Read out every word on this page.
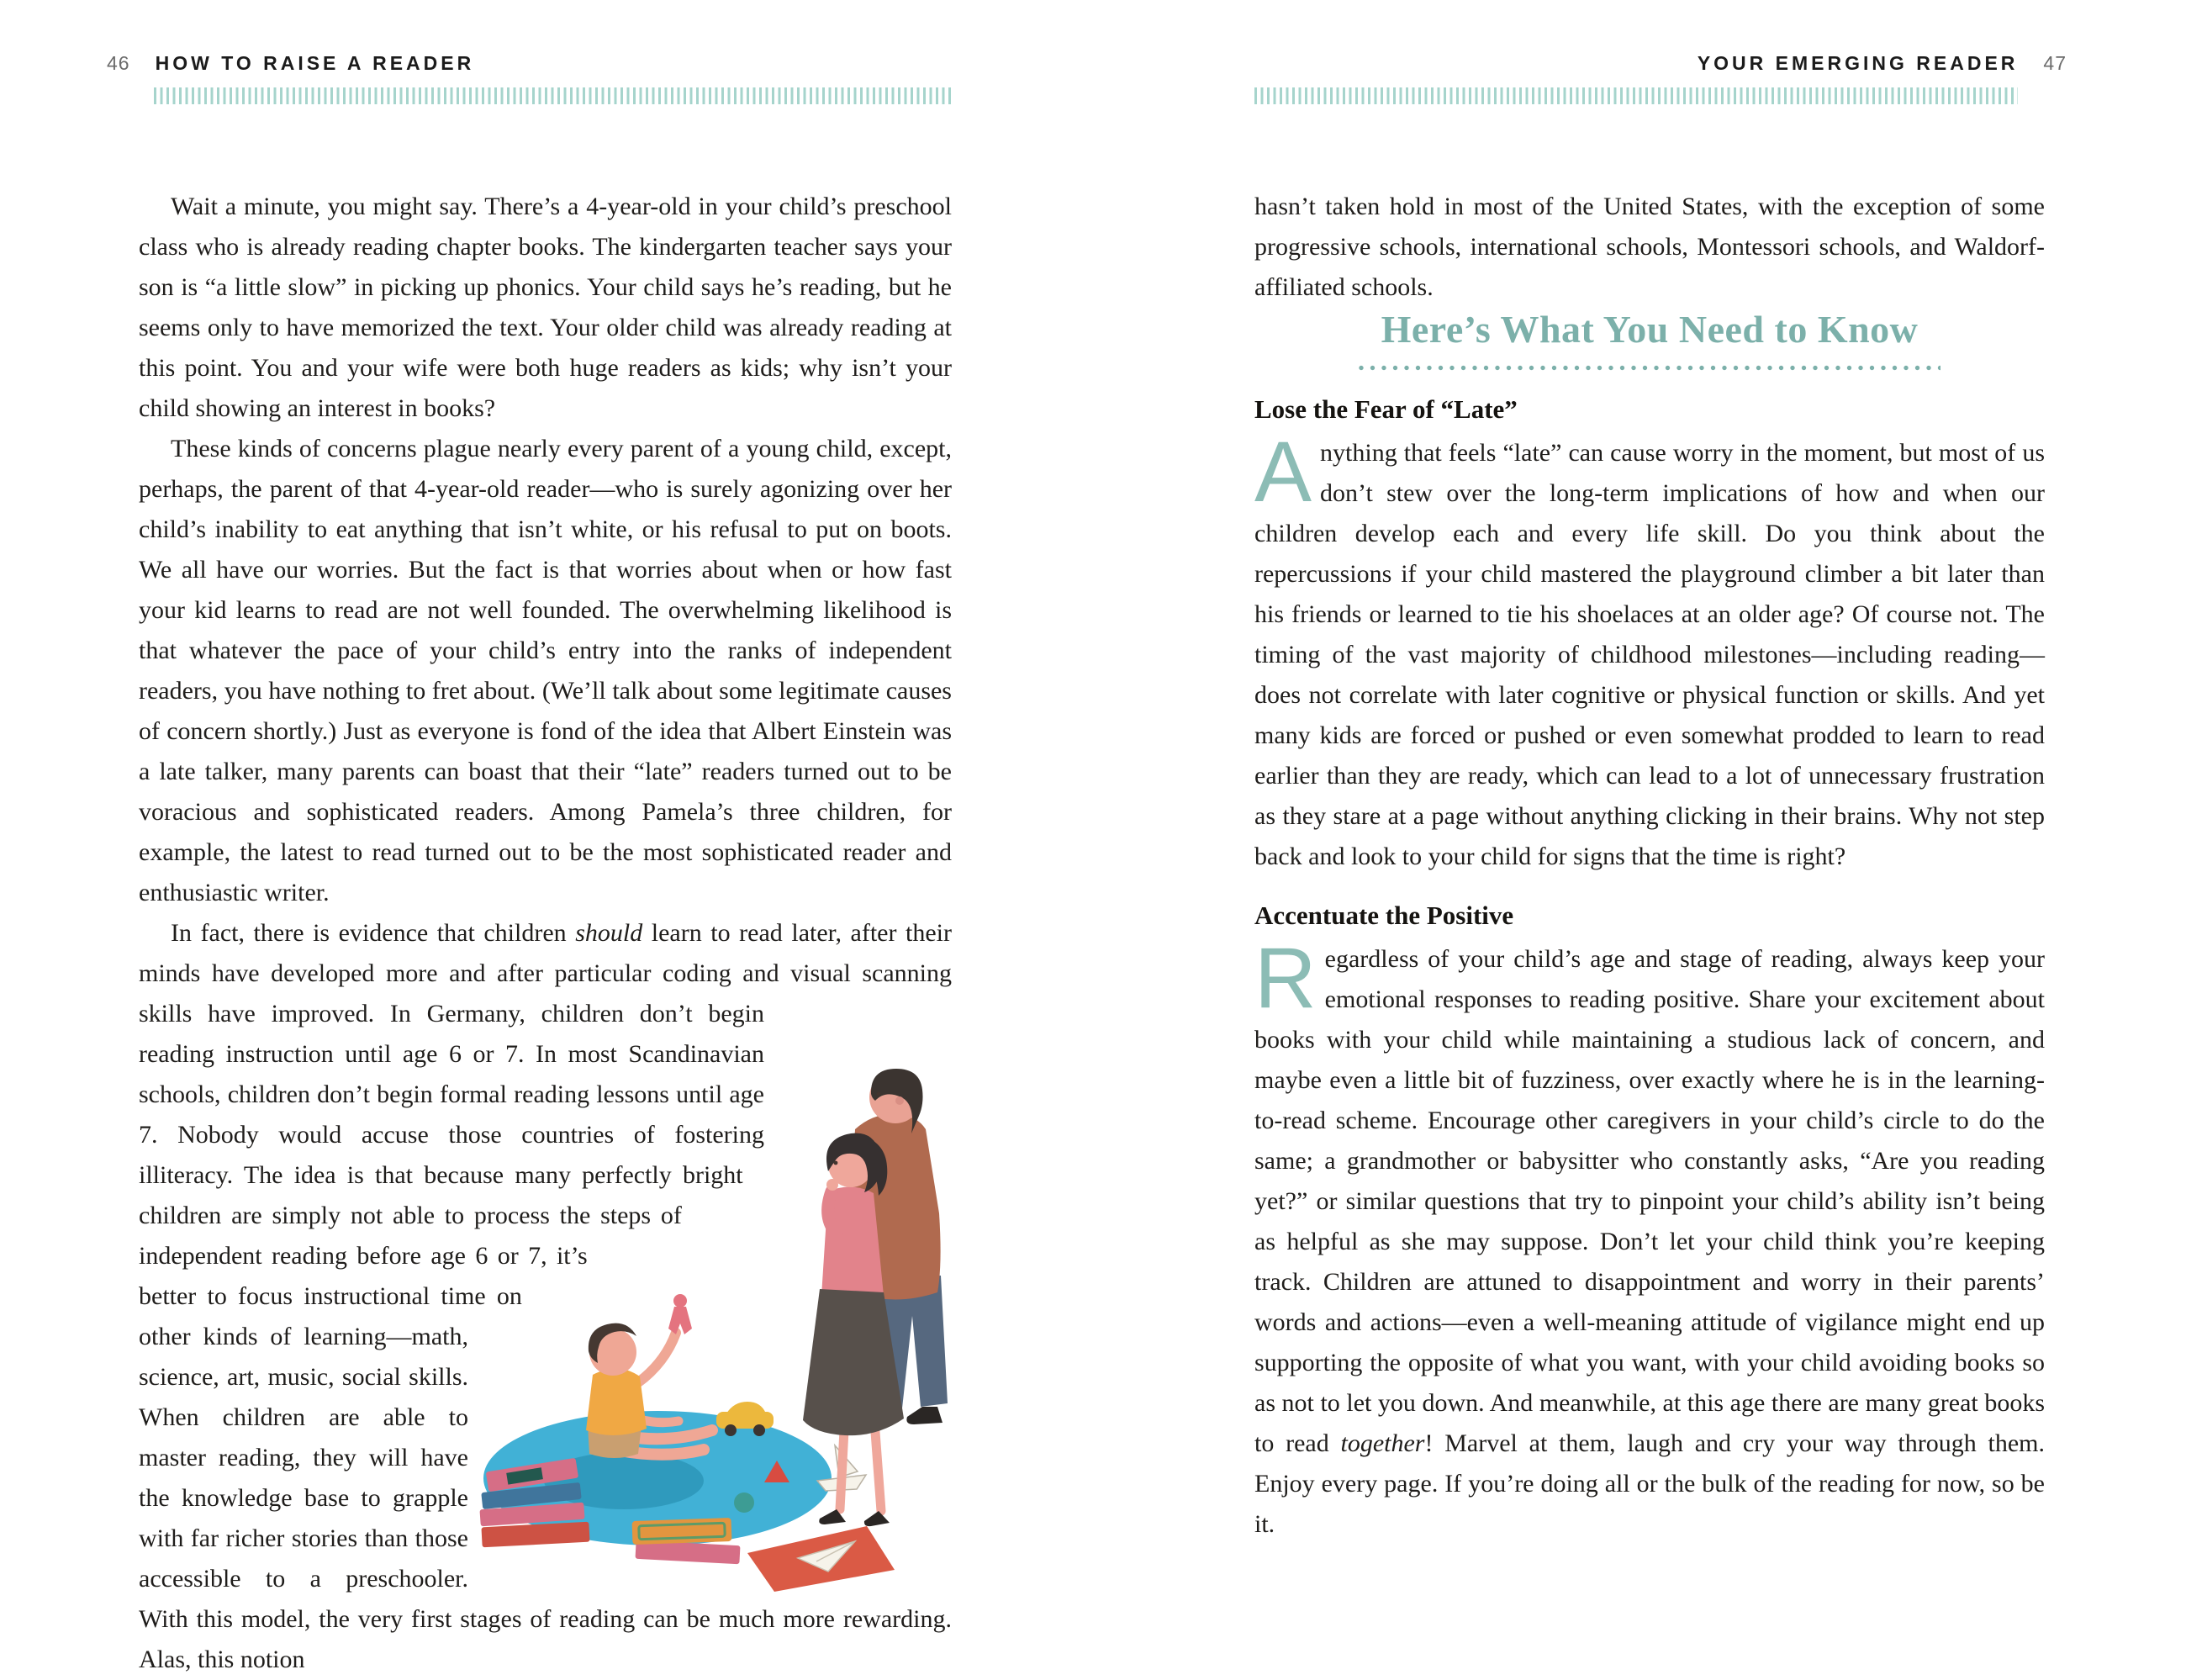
46 HOW TO RAISE A READER

Wait a minute, you might say. There’s a 4-year-old in your child’s preschool class who is already reading chapter books. The kindergarten teacher says your son is “a little slow” in picking up phonics. Your child says he’s reading, but he seems only to have memorized the text. Your older child was already reading at this point. You and your wife were both huge readers as kids; why isn’t your child showing an interest in books?

These kinds of concerns plague nearly every parent of a young child, except, perhaps, the parent of that 4-year-old reader—who is surely agonizing over her child’s inability to eat anything that isn’t white, or his refusal to put on boots. We all have our worries. But the fact is that worries about when or how fast your kid learns to read are not well founded. The overwhelming likelihood is that whatever the pace of your child’s entry into the ranks of independent readers, you have nothing to fret about. (We’ll talk about some legitimate causes of concern shortly.) Just as everyone is fond of the idea that Albert Einstein was a late talker, many parents can boast that their “late” readers turned out to be voracious and sophisticated readers. Among Pamela’s three children, for example, the latest to read turned out to be the most sophisticated reader and enthusiastic writer.

In fact, there is evidence that children should learn to read later, after their minds have developed more and after particular coding and visual scanning skills have improved. In Germany, children don’t begin reading instruction until age 6 or 7. In most Scandinavian schools, children don’t begin formal reading lessons until age 7. Nobody would accuse those countries of fostering illiteracy. The idea is that because many perfectly bright children are simply not able to process the steps of independent reading before age 6 or 7, it’s better to focus instructional time on other kinds of learning—math, science, art, music, social skills. When children are able to master reading, they will have the knowledge base to grapple with far richer stories than those accessible to a preschooler. With this model, the very first stages of reading can be much more rewarding. Alas, this notion

YOUR EMERGING READER 47

hasn’t taken hold in most of the United States, with the exception of some progressive schools, international schools, Montessori schools, and Waldorf-affiliated schools.

Here’s What You Need to Know

Lose the Fear of “Late”

Anything that feels “late” can cause worry in the moment, but most of us don’t stew over the long-term implications of how and when our children develop each and every life skill. Do you think about the repercussions if your child mastered the playground climber a bit later than his friends or learned to tie his shoelaces at an older age? Of course not. The timing of the vast majority of childhood milestones—including reading—does not correlate with later cognitive or physical function or skills. And yet many kids are forced or pushed or even somewhat prodded to learn to read earlier than they are ready, which can lead to a lot of unnecessary frustration as they stare at a page without anything clicking in their brains. Why not step back and look to your child for signs that the time is right?

Accentuate the Positive

Regardless of your child’s age and stage of reading, always keep your emotional responses to reading positive. Share your excitement about books with your child while maintaining a studious lack of concern, and maybe even a little bit of fuzziness, over exactly where he is in the learning-to-read scheme. Encourage other caregivers in your child’s circle to do the same; a grandmother or babysitter who constantly asks, “Are you reading yet?” or similar questions that try to pinpoint your child’s ability isn’t being as helpful as she may suppose. Don’t let your child think you’re keeping track. Children are attuned to disappointment and worry in their parents’ words and actions—even a well-meaning attitude of vigilance might end up supporting the opposite of what you want, with your child avoiding books so as not to let you down. And meanwhile, at this age there are many great books to read together! Marvel at them, laugh and cry your way through them. Enjoy every page. If you’re doing all or the bulk of the reading for now, so be it.
